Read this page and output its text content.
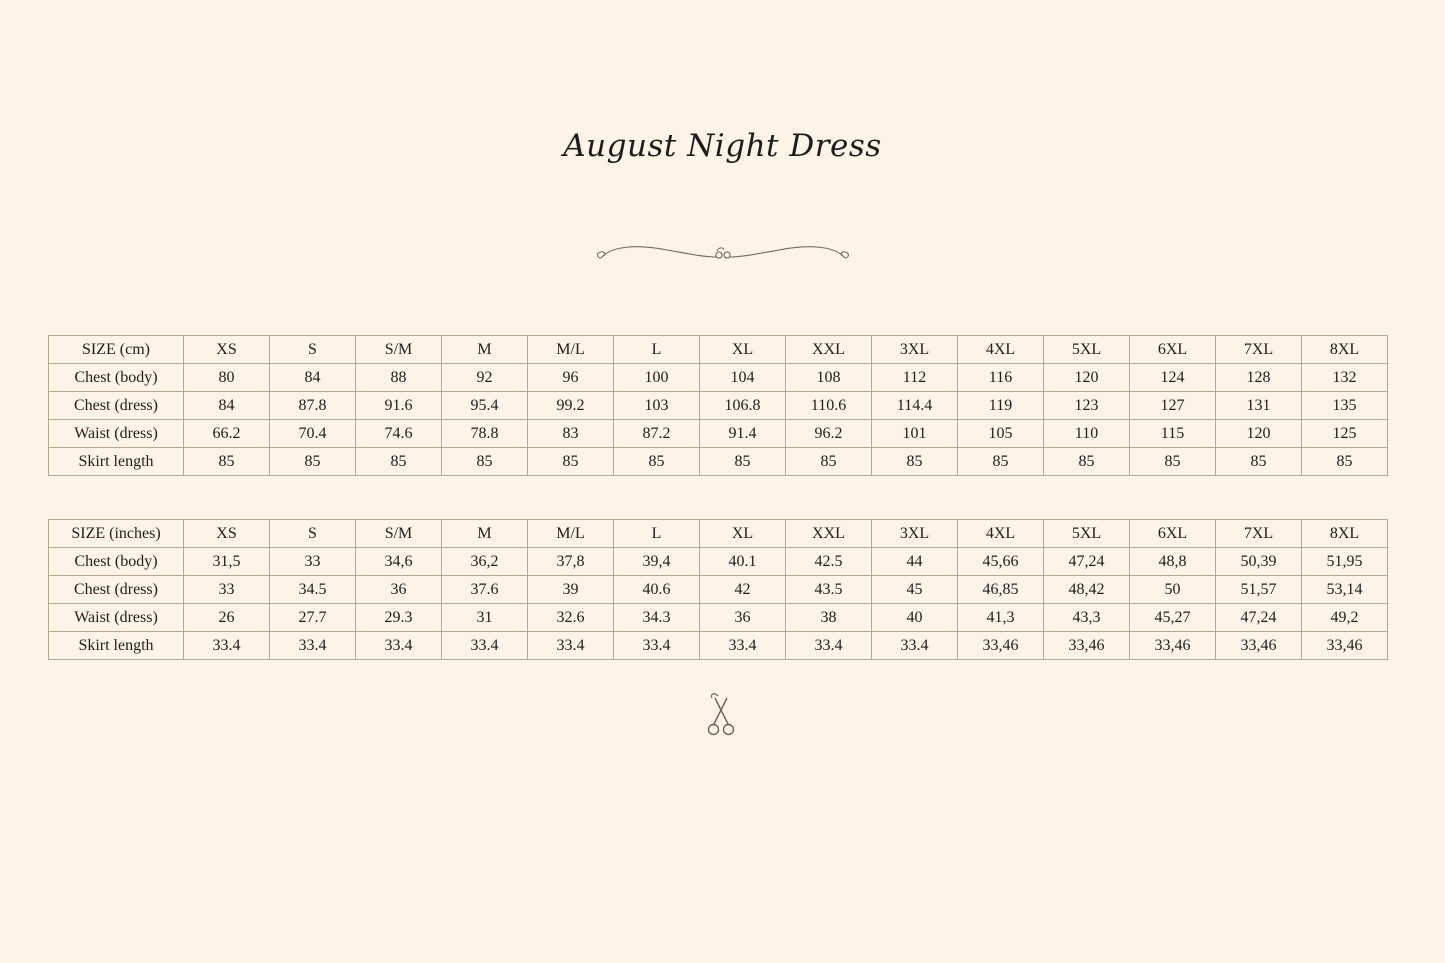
August Night Dress
SIZE (cm)	XS	S	S/M	M	M/L	L	XL	XXL	3XL	4XL	5XL	6XL	7XL	8XL
Chest (body)	80	84	88	92	96	100	104	108	112	116	120	124	128	132
Chest (dress)	84	87.8	91.6	95.4	99.2	103	106.8	110.6	114.4	119	123	127	131	135
Waist (dress)	66.2	70.4	74.6	78.8	83	87.2	91.4	96.2	101	105	110	115	120	125
Skirt length	85	85	85	85	85	85	85	85	85	85	85	85	85	85
SIZE (inches)	XS	S	S/M	M	M/L	L	XL	XXL	3XL	4XL	5XL	6XL	7XL	8XL
Chest (body)	31,5	33	34,6	36,2	37,8	39,4	40.1	42.5	44	45,66	47,24	48,8	50,39	51,95
Chest (dress)	33	34.5	36	37.6	39	40.6	42	43.5	45	46,85	48,42	50	51,57	53,14
Waist (dress)	26	27.7	29.3	31	32.6	34.3	36	38	40	41,3	43,3	45,27	47,24	49,2
Skirt length	33.4	33.4	33.4	33.4	33.4	33.4	33.4	33.4	33.4	33,46	33,46	33,46	33,46	33,46
